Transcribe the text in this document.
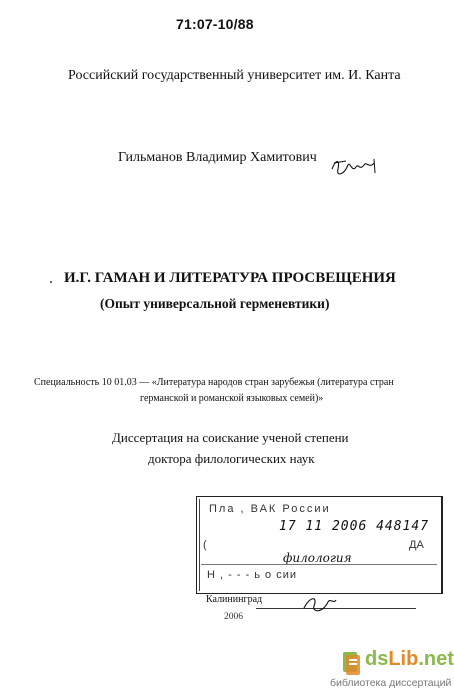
71:07-10/88
Российский государственный университет им. И. Канта
Гильманов Владимир Хамитович
И.Г. ГАМАН И ЛИТЕРАТУРА ПРОСВЕЩЕНИЯ
(Опыт универсальной герменевтики)
Специальность 10 01.03 — «Литература народов стран зарубежья (литература стран
германской и романской языковых семей)»
Диссертация на соискание ученой степени
доктора филологических наук
Пла , ВАК России
17 11 2006 448147
(	ДА
филология
Н , - - - ь о сии
Калининград
2006
dsLib.net
библиотека диссертаций
